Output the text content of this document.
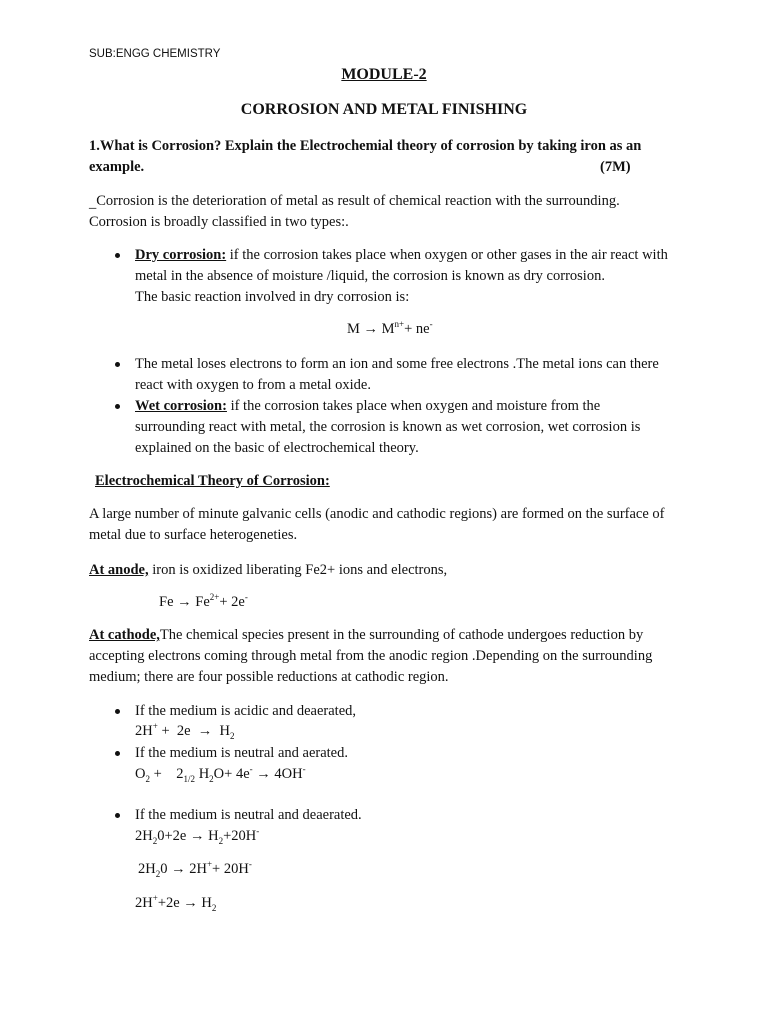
SUB:ENGG CHEMISTRY
MODULE-2
CORROSION AND METAL FINISHING
1.What is Corrosion? Explain the Electrochemial theory of corrosion by taking iron as an
example.	(7M)
_Corrosion is the deterioration of metal as result of chemical reaction with the surrounding.
Corrosion is broadly classified in two types:.
Dry corrosion: if the corrosion takes place when oxygen or other gases in the air react with
metal in the absence of moisture /liquid, the corrosion is known as dry corrosion.
The basic reaction involved in dry corrosion is:
$M \to M^{n+}+ ne^-$
The metal loses electrons to form an ion and some free electrons .The metal ions can there
react with oxygen to from a metal oxide.
Wet corrosion: if the corrosion takes place when oxygen and moisture from the
surrounding react with metal, the corrosion is known as wet corrosion, wet corrosion is
explained on the basic of electrochemical theory.
Electrochemical Theory of Corrosion:
A large number of minute galvanic cells (anodic and cathodic regions) are formed on the surface of
metal due to surface heterogeneties.
At anode, iron is oxidized liberating Fe2+ ions and electrons,
$Fe \to Fe^{2+}+ 2e^-$
At cathode,The chemical species present in the surrounding of cathode undergoes reduction by
accepting electrons coming through metal from the anodic region .Depending on the surrounding
medium; there are four possible reductions at cathodic region.
If the medium is acidic and deaerated,
$2H^+ + 2e \to H_2$
If the medium is neutral and aerated.
$O_2$ +    $2_{1/2}$ $H_2O+ 4e^- \to 4OH^-$
If the medium is neutral and deaerated.
$2H_20+2e \to H_2+20H^-$
$2H_20 \to 2H^++ 20H^-$
$2H^++2e \to H_2$
